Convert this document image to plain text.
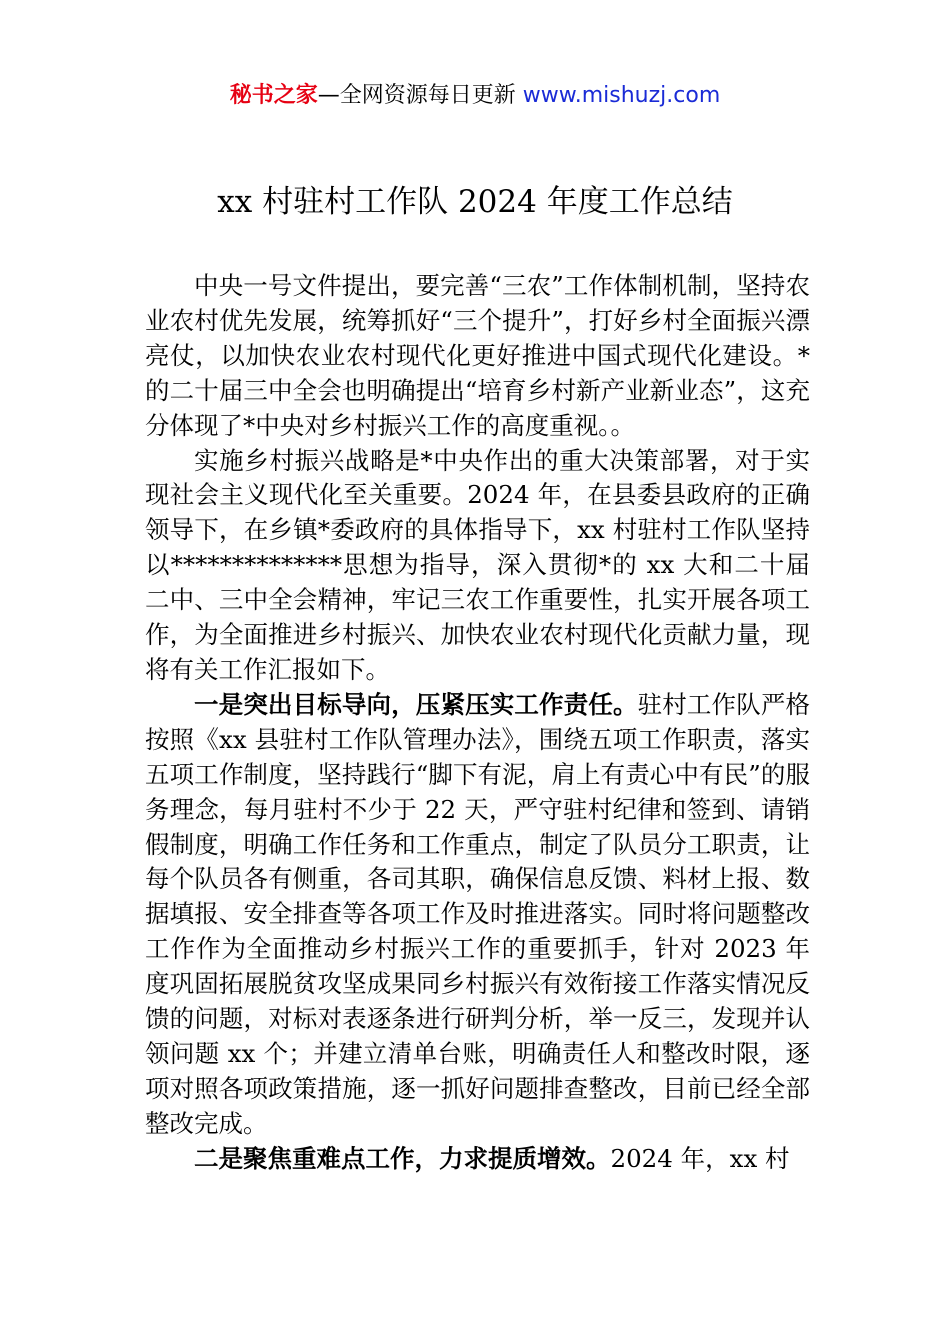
秘书之家—全网资源每日更新 www.mishuzj.com
xx 村驻村工作队 2024 年度工作总结

中央一号文件提出，要完善“三农”工作体制机制，坚持农业农村优先发展，统筹抓好“三个提升”，打好乡村全面振兴漂亮仗，以加快农业农村现代化更好推进中国式现代化建设。*的二十届三中全会也明确提出“培育乡村新产业新业态”，这充分体现了*中央对乡村振兴工作的高度重视。。

实施乡村振兴战略是*中央作出的重大决策部署，对于实现社会主义现代化至关重要。2024 年，在县委县政府的正确领导下，在乡镇*委政府的具体指导下，xx 村驻村工作队坚持以**************思想为指导，深入贯彻*的 xx 大和二十届二中、三中全会精神，牢记三农工作重要性，扎实开展各项工作，为全面推进乡村振兴、加快农业农村现代化贡献力量，现将有关工作汇报如下。

一是突出目标导向，压紧压实工作责任。驻村工作队严格按照《xx 县驻村工作队管理办法》，围绕五项工作职责，落实五项工作制度，坚持践行“脚下有泥，肩上有责心中有民”的服务理念，每月驻村不少于 22 天，严守驻村纪律和签到、请销假制度，明确工作任务和工作重点，制定了队员分工职责，让每个队员各有侧重，各司其职，确保信息反馈、料材上报、数据填报、安全排查等各项工作及时推进落实。同时将问题整改工作作为全面推动乡村振兴工作的重要抓手，针对 2023 年度巩固拓展脱贫攻坚成果同乡村振兴有效衔接工作落实情况反馈的问题，对标对表逐条进行研判分析，举一反三，发现并认领问题 xx 个；并建立清单台账，明确责任人和整改时限，逐项对照各项政策措施，逐一抓好问题排查整改，目前已经全部整改完成。

二是聚焦重难点工作，力求提质增效。2024 年，xx 村
